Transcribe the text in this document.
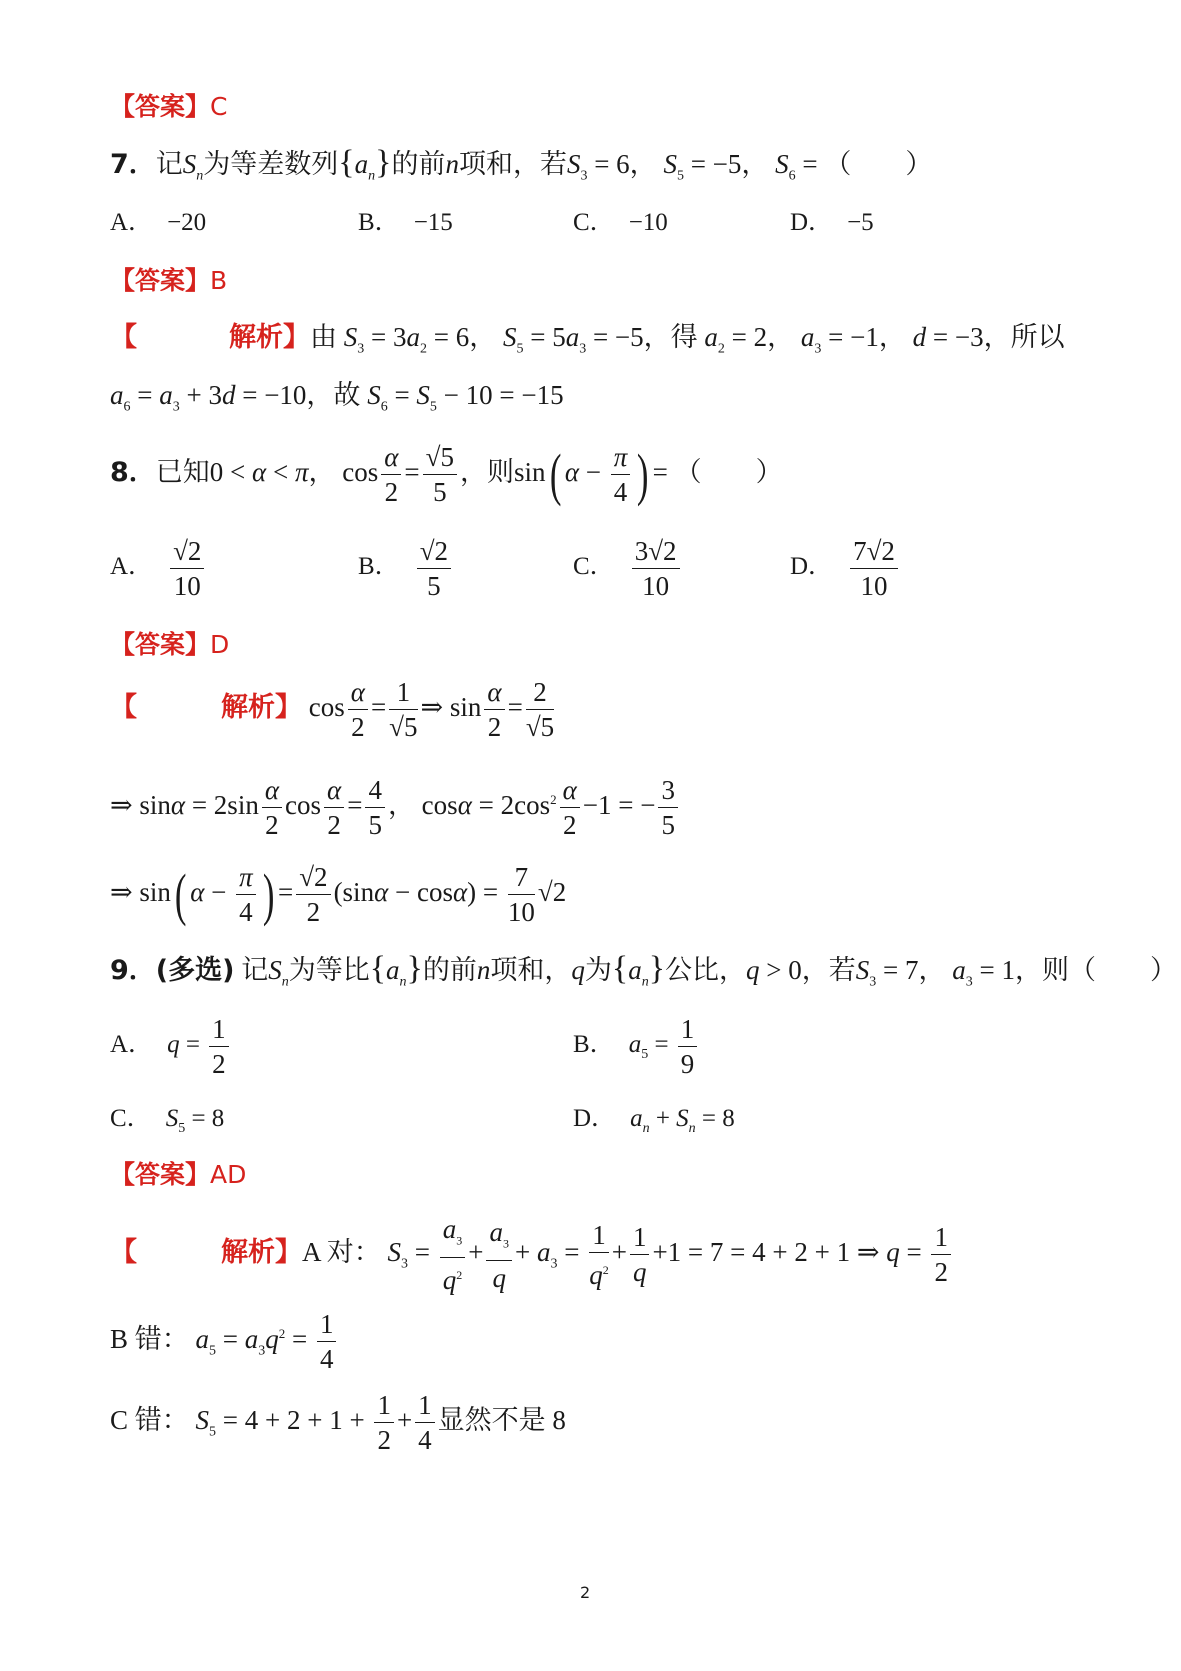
【答案】C
7．记$S_n$为等差数列$\{a_n\}$的前n项和，若$S_3 = 6$， $S_5 = -5$， $S_6$ = （　　）
A． −20	B． −15	C． −10	D． −5
【答案】B
【	解析】由 $S_3 = 3a_2 = 6$， $S_5 = 5a_3 = -5$，得 $a_2 = 2$， $a_3 = -1$， d = −3，所以
$a_6 = a_3 + 3d = -10$，故 $S_6 = S_5 - 10 = -15$
8．已知0 < α < π， $\cos \frac{\alpha}{2} = \frac{√5}{5}$ ，则sin( $\alpha - \frac{\pi}{4}$ ) = （　　）
A． $\frac{√2}{10}$	B． $\frac{√2}{5}$	C． $\frac{3√2}{10}$	D． $\frac{7√2}{10}$
【答案】D
【	解析】 $\cos \frac{\alpha}{2} = \frac{1}{√5}$ ⇒ $\sin \frac{\alpha}{2} = \frac{2}{√5}$
⇒ $\sin\alpha = 2\sin \frac{\alpha}{2}$ $\cos \frac{\alpha}{2} = \frac{4}{5}$ ， $\cos\alpha = 2\cos^2 \frac{\alpha}{2} -1$ = − $\frac{3}{5}$
⇒ sin( $\alpha - \frac{\pi}{4}$ ) = $\frac{√2}{2} (\sin\alpha - \cos\alpha) = \frac{7}{10} √2$
9．(多选) 记$S_n$为等比$\{a_n\}$的前n项和，q为$\{a_n\}$公比，q > 0，若$S_3 = 7$， $a_3 = 1$，则（　　）
A． $q = \frac{1}{2}$	B． $a_5 = \frac{1}{9}$
C． $S_5 = 8$	D． $a_n + S_n = 8$
【答案】AD
【	解析】A 对： $S_3 = \frac{a_3}{q^2} + \frac{a_3}{q} + a_3 = \frac{1}{q^2} + \frac{1}{q} +1 = 7 = 4 + 2 + 1$ ⇒ $q = \frac{1}{2}$
B 错： $a_5 = a_3q^2 = \frac{1}{4}$
C 错： $S_5 = 4 + 2 + 1 + \frac{1}{2} + \frac{1}{4}$ 显然不是 8
2
